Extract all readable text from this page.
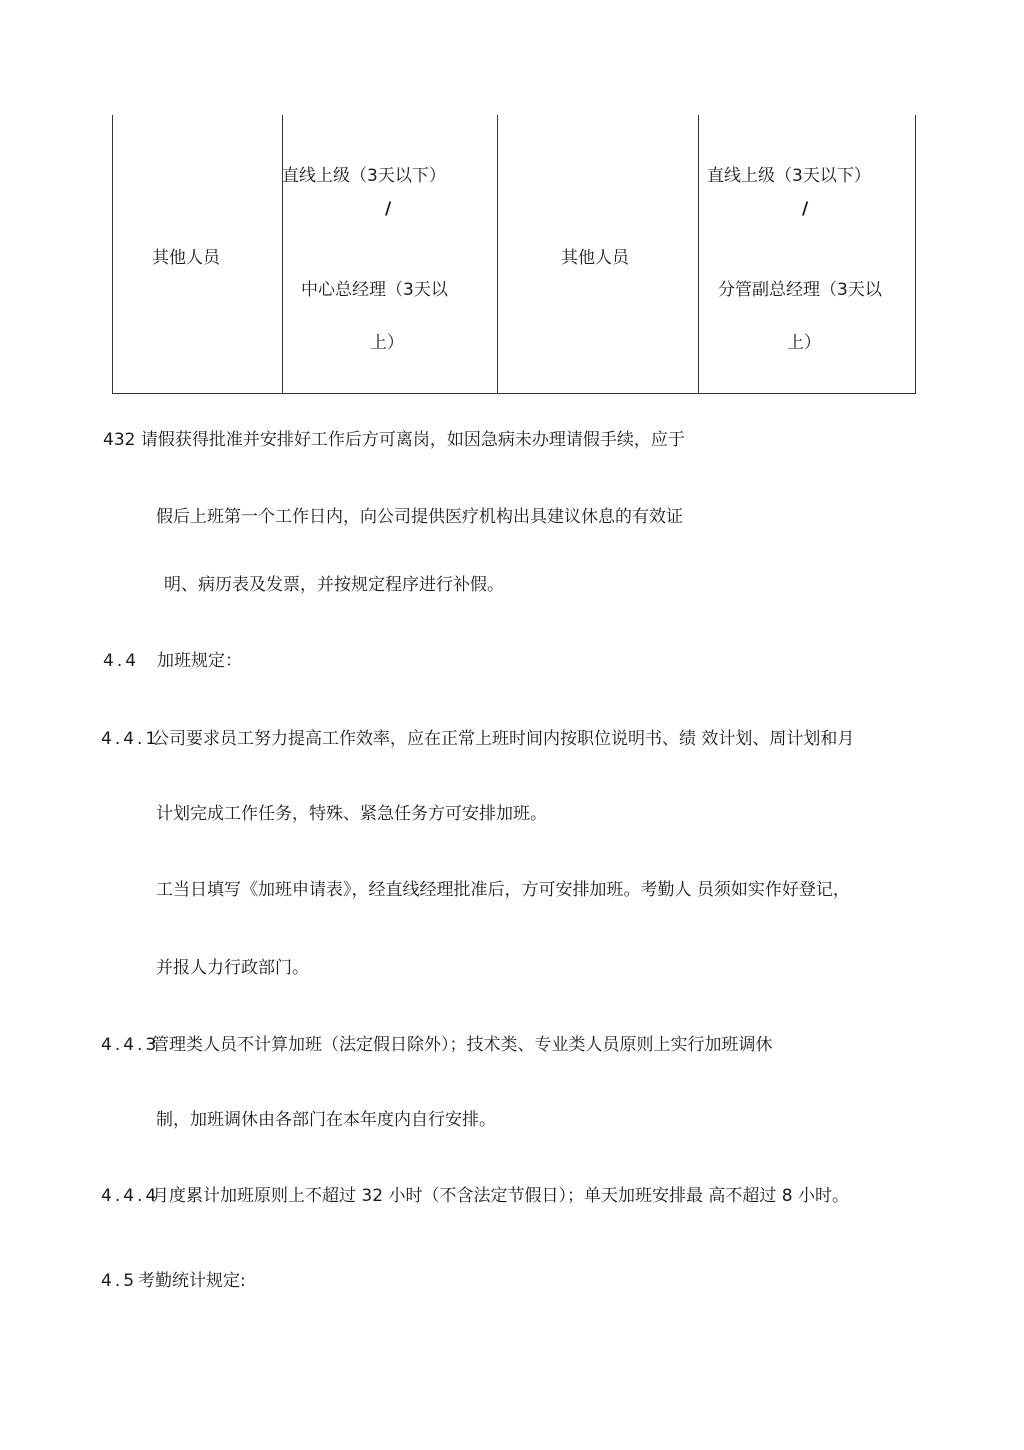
其他人员
直线上级（3天以下）
/
中心总经理（3天以
上）
其他人员
直线上级（3天以下）
/
分管副总经理（3天以
上）
432 请假获得批准并安排好工作后方可离岗，如因急病未办理请假手续，应于
假后上班第一个工作日内，向公司提供医疗机构出具建议休息的有效证
明、病历表及发票，并按规定程序进行补假。
4.4 加班规定：
4.4.1
公司要求员工努力提高工作效率，应在正常上班时间内按职位说明书、绩 效计划、周计划和月
计划完成工作任务，特殊、紧急任务方可安排加班。
工当日填写《加班申请表》，经直线经理批准后，方可安排加班。考勤人 员须如实作好登记，
并报人力行政部门。
4.4.3
管理类人员不计算加班（法定假日除外）；技术类、专业类人员原则上实行加班调休
制，加班调休由各部门在本年度内自行安排。
4.4.4
月度累计加班原则上不超过 32 小时（不含法定节假日）；单天加班安排最 高不超过 8 小时。
4.5 考勤统计规定:
